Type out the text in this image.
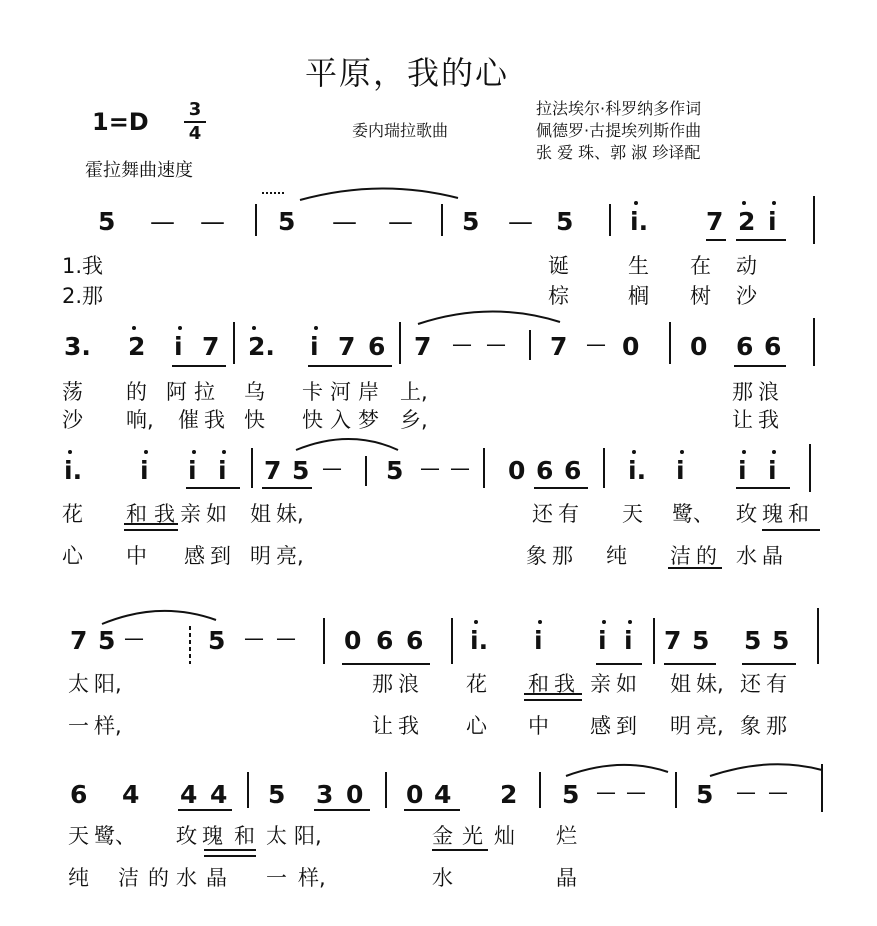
平原，我的心
1=D 3
4
霍拉舞曲速度
委内瑞拉歌曲
拉法埃尔·科罗纳多作词
佩德罗·古提埃列斯作曲
张 爱 珠、郭 淑 珍译配
5 — — 5 — — 5 — 5 i. 7 2 i
1.我	诞	生 在 动
2.那	棕	榈 树 沙
3. 2 i 7 2. i 7 6 7 — — 7 — 0 0 6 6
荡 的 阿 拉 乌 卡 河 岸 上,	那 浪
沙 响, 催 我 快 快 入 梦 乡,	让 我
i. i i i 7 5 — 5 — — 0 6 6 i. i i i
花 和 我 亲 如 姐 妹,	还 有 天 鹭、 玫 瑰 和
心 中 感 到 明 亮,	象 那 纯 洁 的 水 晶
7 5 —	5 — — 0 6 6 i. i i i 7 5 5 5
太 阳,	那 浪 花 和 我 亲 如 姐 妹, 还 有
一 样,	让 我 心 中 感 到 明 亮, 象 那
6 4 4 4 5 3 0 0 4 2 5 — — 5 — —
天 鹭、 玫 瑰 和 太 阳,	金 光 灿 烂
纯 洁 的 水 晶 一 样,	水	晶
